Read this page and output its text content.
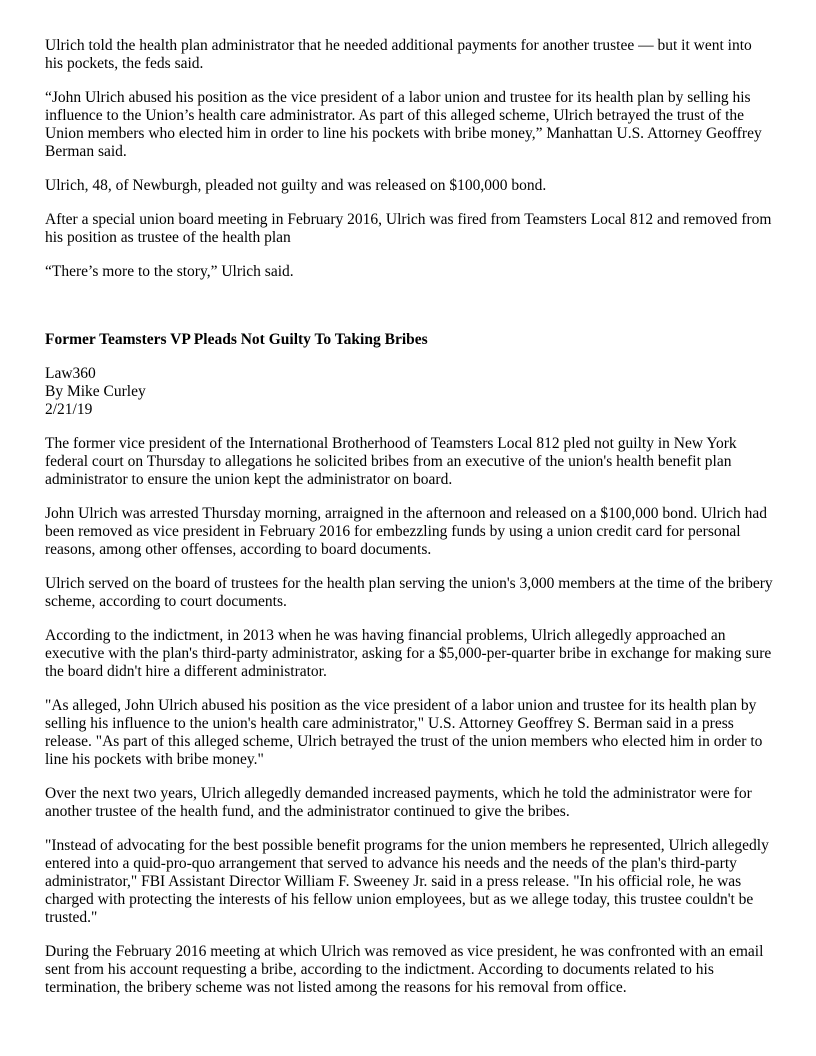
Ulrich told the health plan administrator that he needed additional payments for another trustee — but it went into his pockets, the feds said.

“John Ulrich abused his position as the vice president of a labor union and trustee for its health plan by selling his influence to the Union’s health care administrator. As part of this alleged scheme, Ulrich betrayed the trust of the Union members who elected him in order to line his pockets with bribe money,” Manhattan U.S. Attorney Geoffrey Berman said.

Ulrich, 48, of Newburgh, pleaded not guilty and was released on $100,000 bond.

After a special union board meeting in February 2016, Ulrich was fired from Teamsters Local 812 and removed from his position as trustee of the health plan

“There’s more to the story,” Ulrich said.

Former Teamsters VP Pleads Not Guilty To Taking Bribes

Law360
By Mike Curley
2/21/19

The former vice president of the International Brotherhood of Teamsters Local 812 pled not guilty in New York federal court on Thursday to allegations he solicited bribes from an executive of the union's health benefit plan administrator to ensure the union kept the administrator on board.

John Ulrich was arrested Thursday morning, arraigned in the afternoon and released on a $100,000 bond. Ulrich had been removed as vice president in February 2016 for embezzling funds by using a union credit card for personal reasons, among other offenses, according to board documents.

Ulrich served on the board of trustees for the health plan serving the union's 3,000 members at the time of the bribery scheme, according to court documents.

According to the indictment, in 2013 when he was having financial problems, Ulrich allegedly approached an executive with the plan's third-party administrator, asking for a $5,000-per-quarter bribe in exchange for making sure the board didn't hire a different administrator.

"As alleged, John Ulrich abused his position as the vice president of a labor union and trustee for its health plan by selling his influence to the union's health care administrator," U.S. Attorney Geoffrey S. Berman said in a press release. "As part of this alleged scheme, Ulrich betrayed the trust of the union members who elected him in order to line his pockets with bribe money."

Over the next two years, Ulrich allegedly demanded increased payments, which he told the administrator were for another trustee of the health fund, and the administrator continued to give the bribes.

"Instead of advocating for the best possible benefit programs for the union members he represented, Ulrich allegedly entered into a quid-pro-quo arrangement that served to advance his needs and the needs of the plan's third-party administrator," FBI Assistant Director William F. Sweeney Jr. said in a press release. "In his official role, he was charged with protecting the interests of his fellow union employees, but as we allege today, this trustee couldn't be trusted."

During the February 2016 meeting at which Ulrich was removed as vice president, he was confronted with an email sent from his account requesting a bribe, according to the indictment. According to documents related to his termination, the bribery scheme was not listed among the reasons for his removal from office.
